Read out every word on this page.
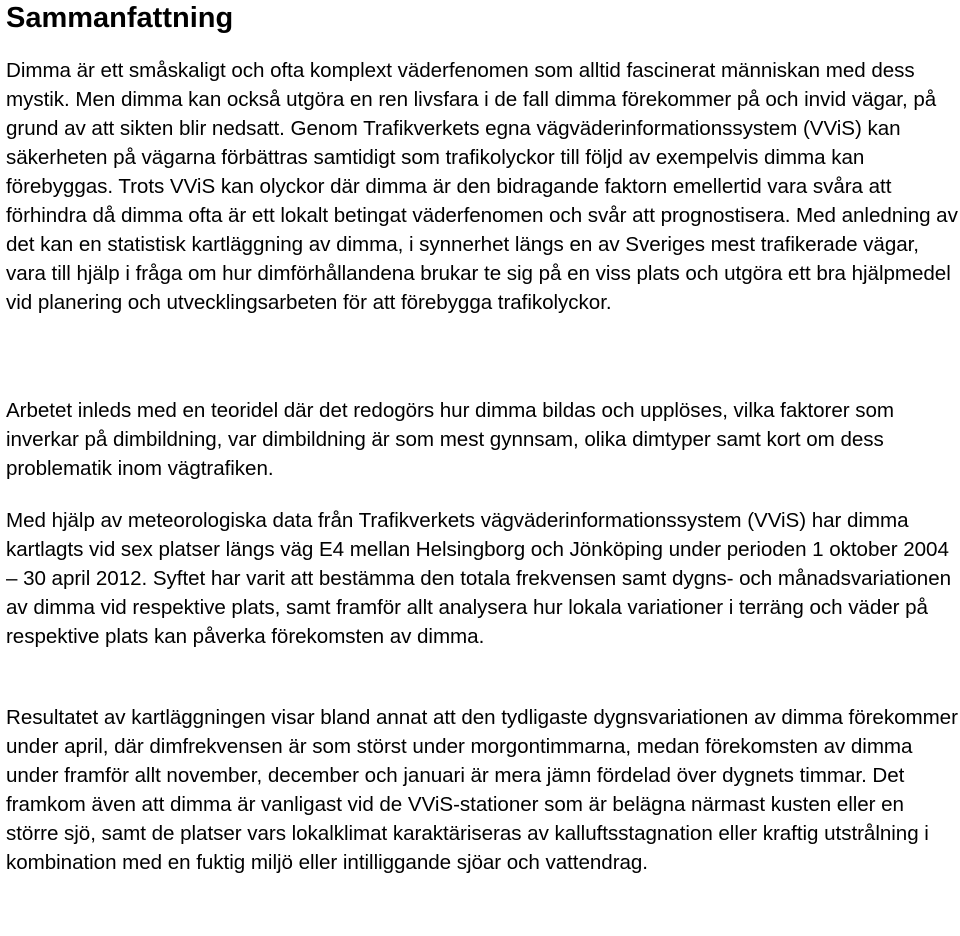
Sammanfattning

Dimma är ett småskaligt och ofta komplext väderfenomen som alltid fascinerat människan med dess mystik. Men dimma kan också utgöra en ren livsfara i de fall dimma förekommer på och invid vägar, på grund av att sikten blir nedsatt. Genom Trafikverkets egna vägväderinformationssystem (VViS) kan säkerheten på vägarna förbättras samtidigt som trafikolyckor till följd av exempelvis dimma kan förebyggas. Trots VViS kan olyckor där dimma är den bidragande faktorn emellertid vara svåra att förhindra då dimma ofta är ett lokalt betingat väderfenomen och svår att prognostisera. Med anledning av det kan en statistisk kartläggning av dimma, i synnerhet längs en av Sveriges mest trafikerade vägar, vara till hjälp i fråga om hur dimförhållandena brukar te sig på en viss plats och utgöra ett bra hjälpmedel vid planering och utvecklingsarbeten för att förebygga trafikolyckor.

Arbetet inleds med en teoridel där det redogörs hur dimma bildas och upplöses, vilka faktorer som inverkar på dimbildning, var dimbildning är som mest gynnsam, olika dimtyper samt kort om dess problematik inom vägtrafiken.

Med hjälp av meteorologiska data från Trafikverkets vägväderinformationssystem (VViS) har dimma kartlagts vid sex platser längs väg E4 mellan Helsingborg och Jönköping under perioden 1 oktober 2004 – 30 april 2012. Syftet har varit att bestämma den totala frekvensen samt dygns- och månadsvariationen av dimma vid respektive plats, samt framför allt analysera hur lokala variationer i terräng och väder på respektive plats kan påverka förekomsten av dimma.

Resultatet av kartläggningen visar bland annat att den tydligaste dygnsvariationen av dimma förekommer under april, där dimfrekvensen är som störst under morgontimmarna, medan förekomsten av dimma under framför allt november, december och januari är mera jämn fördelad över dygnets timmar. Det framkom även att dimma är vanligast vid de VViS-stationer som är belägna närmast kusten eller en större sjö, samt de platser vars lokalklimat karaktäriseras av kalluftsstagnation eller kraftig utstrålning i kombination med en fuktig miljö eller intilliggande sjöar och vattendrag.
